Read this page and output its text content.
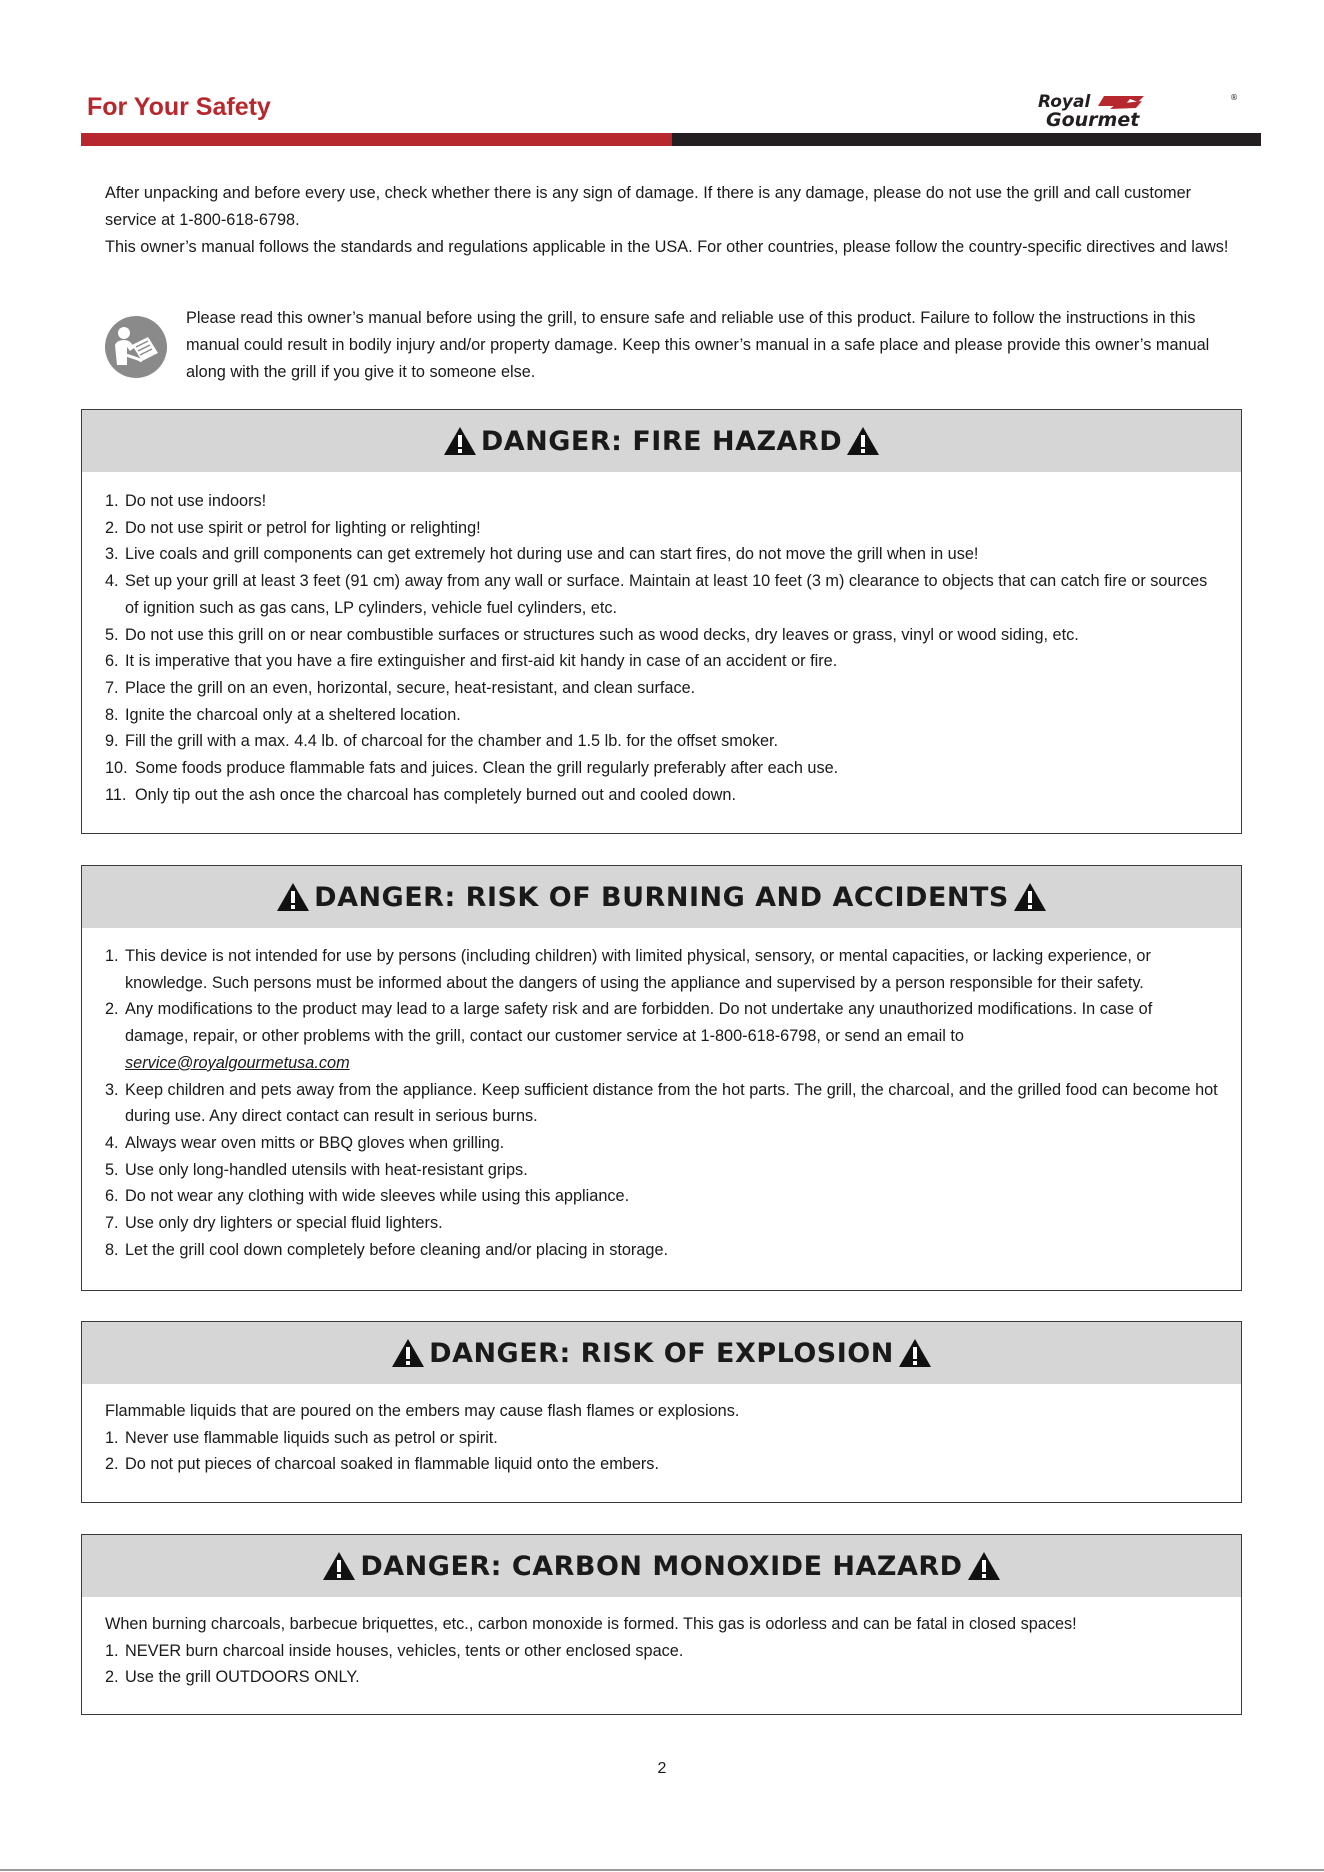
For Your Safety	Royal
Gourmet
®

After unpacking and before every use, check whether there is any sign of damage. If there is any damage, please do not use the grill and call customer service at 1-800-618-6798.

This owner’s manual follows the standards and regulations applicable in the USA. For other countries, please follow the country-specific directives and laws!

Please read this owner’s manual before using the grill, to ensure safe and reliable use of this product. Failure to follow the instructions in this manual could result in bodily injury and/or property damage. Keep this owner’s manual in a safe place and please provide this owner’s manual along with the grill if you give it to someone else.
DANGER: FIRE HAZARD
1. Do not use indoors!
2. Do not use spirit or petrol for lighting or relighting!
3. Live coals and grill components can get extremely hot during use and can start fires, do not move the grill when in use!
4. Set up your grill at least 3 feet (91 cm) away from any wall or surface. Maintain at least 10 feet (3 m) clearance to objects that can catch fire or sources of ignition such as gas cans, LP cylinders, vehicle fuel cylinders, etc.
5. Do not use this grill on or near combustible surfaces or structures such as wood decks, dry leaves or grass, vinyl or wood siding, etc.
6. It is imperative that you have a fire extinguisher and first-aid kit handy in case of an accident or fire.
7. Place the grill on an even, horizontal, secure, heat-resistant, and clean surface.
8. Ignite the charcoal only at a sheltered location.
9. Fill the grill with a max. 4.4 lb. of charcoal for the chamber and 1.5 lb. for the offset smoker.
10. Some foods produce flammable fats and juices. Clean the grill regularly preferably after each use.
11. Only tip out the ash once the charcoal has completely burned out and cooled down.
DANGER: RISK OF BURNING AND ACCIDENTS
1. This device is not intended for use by persons (including children) with limited physical, sensory, or mental capacities, or lacking experience, or knowledge. Such persons must be informed about the dangers of using the appliance and supervised by a person responsible for their safety.
2. Any modifications to the product may lead to a large safety risk and are forbidden. Do not undertake any unauthorized modifications. In case of damage, repair, or other problems with the grill, contact our customer service at 1-800-618-6798, or send an email to
service@royalgourmetusa.com
3. Keep children and pets away from the appliance. Keep sufficient distance from the hot parts. The grill, the charcoal, and the grilled food can become hot during use. Any direct contact can result in serious burns.
4. Always wear oven mitts or BBQ gloves when grilling.
5. Use only long-handled utensils with heat-resistant grips.
6. Do not wear any clothing with wide sleeves while using this appliance.
7. Use only dry lighters or special fluid lighters.
8. Let the grill cool down completely before cleaning and/or placing in storage.
DANGER: RISK OF EXPLOSION

Flammable liquids that are poured on the embers may cause flash flames or explosions.

1. Never use flammable liquids such as petrol or spirit.
2. Do not put pieces of charcoal soaked in flammable liquid onto the embers.
DANGER: CARBON MONOXIDE HAZARD

When burning charcoals, barbecue briquettes, etc., carbon monoxide is formed. This gas is odorless and can be fatal in closed spaces!

1. NEVER burn charcoal inside houses, vehicles, tents or other enclosed space.
2. Use the grill OUTDOORS ONLY.
2
